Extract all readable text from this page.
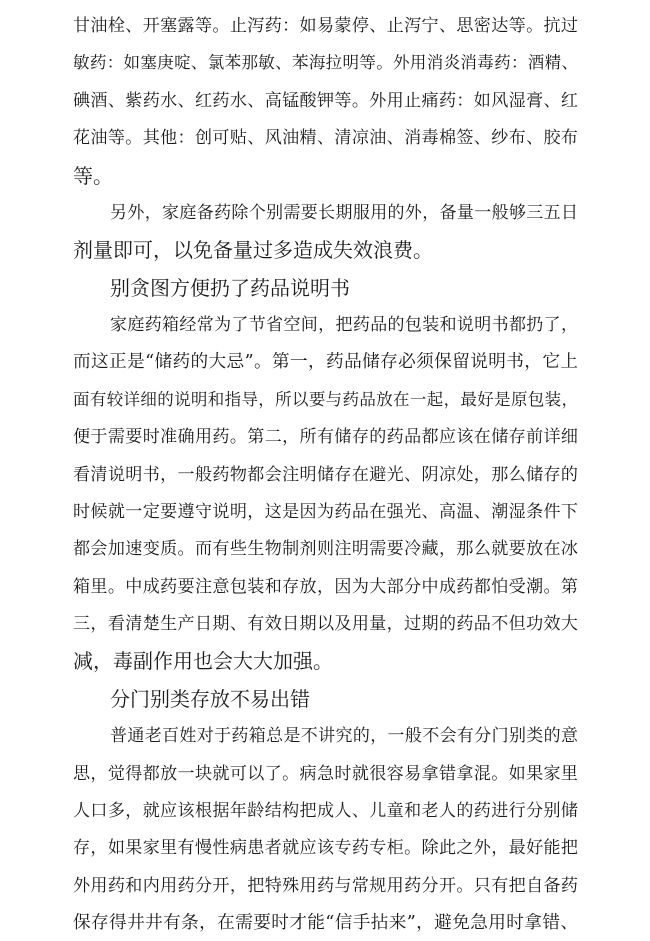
甘油栓、开塞露等。止泻药：如易蒙停、止泻宁、思密达等。抗过
敏药：如塞庚啶、氯苯那敏、苯海拉明等。外用消炎消毒药：酒精、
碘酒、紫药水、红药水、高锰酸钾等。外用止痛药：如风湿膏、红
花油等。其他：创可贴、风油精、清凉油、消毒棉签、纱布、胶布
等。
另外，家庭备药除个别需要长期服用的外，备量一般够三五日
剂量即可，以免备量过多造成失效浪费。
别贪图方便扔了药品说明书
家庭药箱经常为了节省空间，把药品的包装和说明书都扔了，
而这正是“储药的大忌”。第一，药品储存必须保留说明书，它上
面有较详细的说明和指导，所以要与药品放在一起，最好是原包装，
便于需要时准确用药。第二，所有储存的药品都应该在储存前详细
看清说明书，一般药物都会注明储存在避光、阴凉处，那么储存的
时候就一定要遵守说明，这是因为药品在强光、高温、潮湿条件下
都会加速变质。而有些生物制剂则注明需要冷藏，那么就要放在冰
箱里。中成药要注意包装和存放，因为大部分中成药都怕受潮。第
三，看清楚生产日期、有效日期以及用量，过期的药品不但功效大
减，毒副作用也会大大加强。
分门别类存放不易出错
普通老百姓对于药箱总是不讲究的，一般不会有分门别类的意
思，觉得都放一块就可以了。病急时就很容易拿错拿混。如果家里
人口多，就应该根据年龄结构把成人、儿童和老人的药进行分别储
存，如果家里有慢性病患者就应该专药专柜。除此之外，最好能把
外用药和内用药分开，把特殊用药与常规用药分开。只有把自备药
保存得井井有条，在需要时才能“信手拈来”，避免急用时拿错、
